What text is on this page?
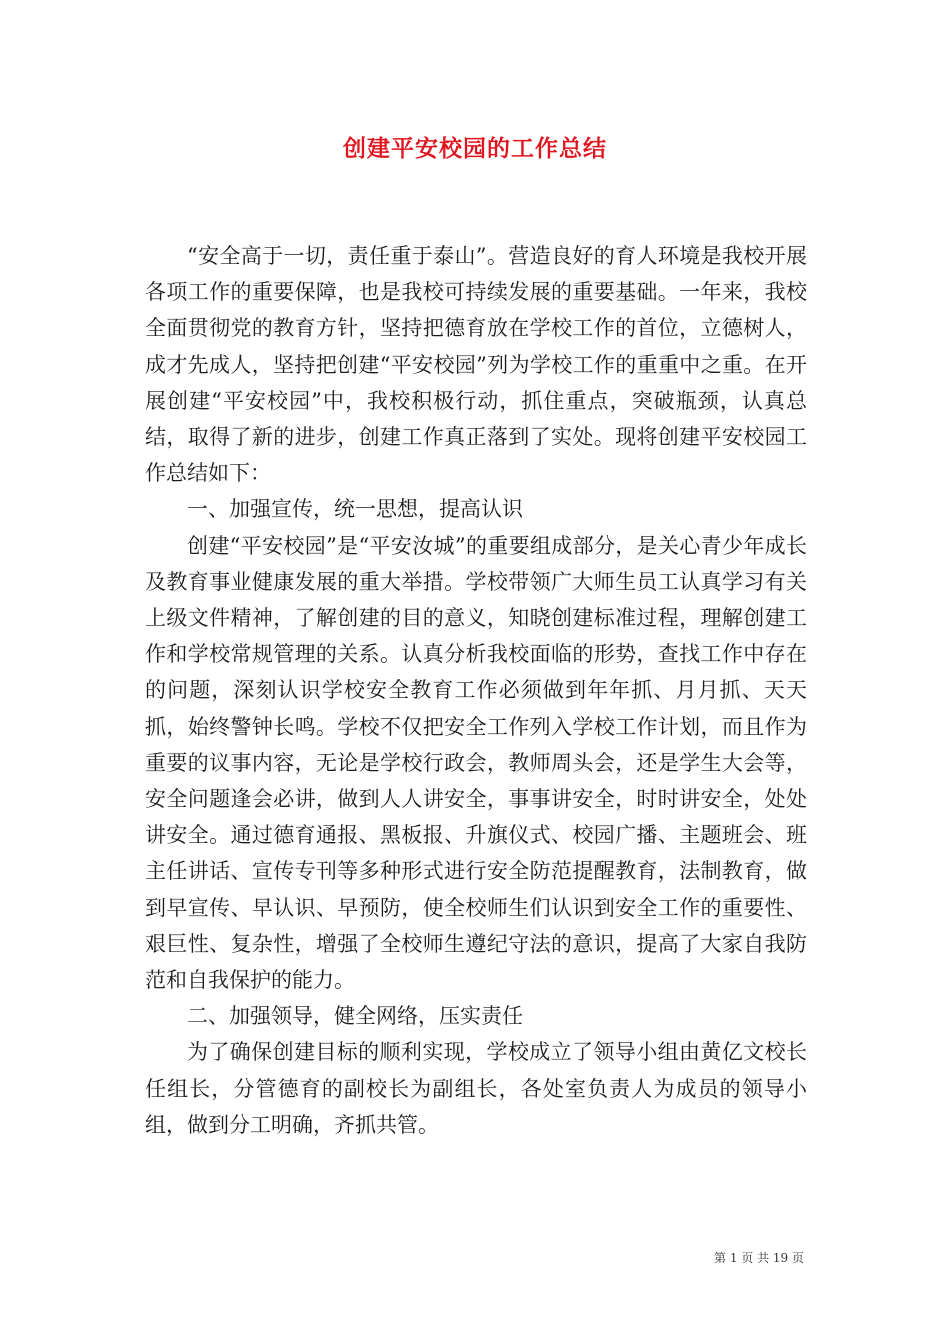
创建平安校园的工作总结

“安全高于一切，责任重于泰山”。营造良好的育人环境是我校开展各项工作的重要保障，也是我校可持续发展的重要基础。一年来，我校全面贯彻党的教育方针，坚持把德育放在学校工作的首位，立德树人，成才先成人，坚持把创建“平安校园”列为学校工作的重重中之重。在开展创建“平安校园”中，我校积极行动，抓住重点，突破瓶颈，认真总结，取得了新的进步，创建工作真正落到了实处。现将创建平安校园工作总结如下：

一、加强宣传，统一思想，提高认识

创建“平安校园”是“平安汝城”的重要组成部分，是关心青少年成长及教育事业健康发展的重大举措。学校带领广大师生员工认真学习有关上级文件精神，了解创建的目的意义，知晓创建标准过程，理解创建工作和学校常规管理的关系。认真分析我校面临的形势，查找工作中存在的问题，深刻认识学校安全教育工作必须做到年年抓、月月抓、天天抓，始终警钟长鸣。学校不仅把安全工作列入学校工作计划，而且作为重要的议事内容，无论是学校行政会，教师周头会，还是学生大会等，安全问题逢会必讲，做到人人讲安全，事事讲安全，时时讲安全，处处讲安全。通过德育通报、黑板报、升旗仪式、校园广播、主题班会、班主任讲话、宣传专刊等多种形式进行安全防范提醒教育，法制教育，做到早宣传、早认识、早预防，使全校师生们认识到安全工作的重要性、艰巨性、复杂性，增强了全校师生遵纪守法的意识，提高了大家自我防范和自我保护的能力。

二、加强领导，健全网络，压实责任

为了确保创建目标的顺利实现，学校成立了领导小组由黄亿文校长任组长，分管德育的副校长为副组长，各处室负责人为成员的领导小组，做到分工明确，齐抓共管。

第 1 页 共 19 页
